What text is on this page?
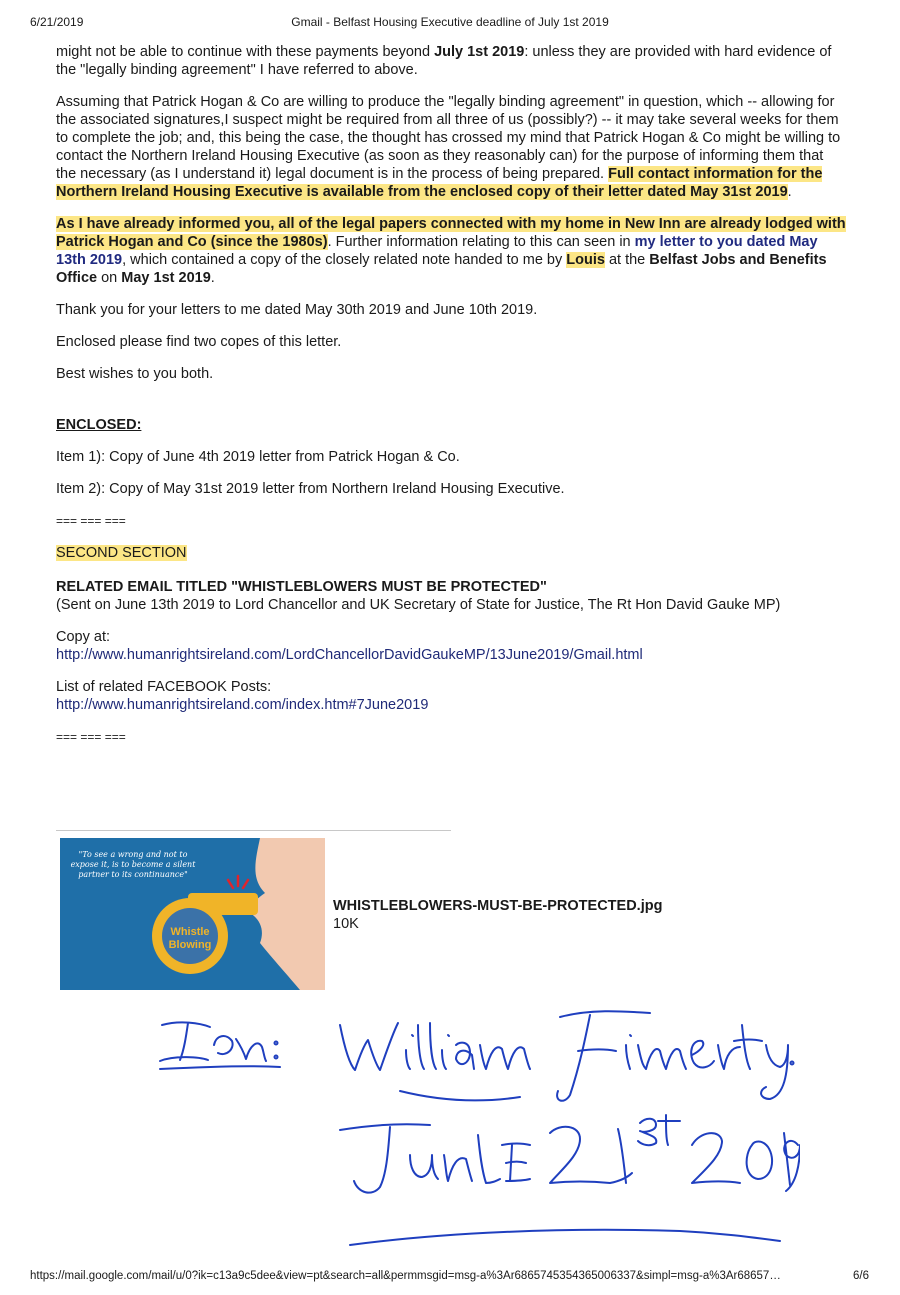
6/21/2019	Gmail - Belfast Housing Executive deadline of July 1st 2019

might not be able to continue with these payments beyond July 1st 2019: unless they are provided with hard evidence of the "legally binding agreement" I have referred to above.

Assuming that Patrick Hogan & Co are willing to produce the "legally binding agreement" in question, which -- allowing for the associated signatures,I suspect might be required from all three of us (possibly?) -- it may take several weeks for them to complete the job; and, this being the case, the thought has crossed my mind that Patrick Hogan & Co might be willing to contact the Northern Ireland Housing Executive (as soon as they reasonably can) for the purpose of informing them that the necessary (as I understand it) legal document is in the process of being prepared. Full contact information for the Northern Ireland Housing Executive is available from the enclosed copy of their letter dated May 31st 2019.

As I have already informed you, all of the legal papers connected with my home in New Inn are already lodged with Patrick Hogan and Co (since the 1980s). Further information relating to this can seen in my letter to you dated May 13th 2019, which contained a copy of the closely related note handed to me by Louis at the Belfast Jobs and Benefits Office on May 1st 2019.

Thank you for your letters to me dated May 30th 2019 and June 10th 2019.

Enclosed please find two copes of this letter.

Best wishes to you both.

ENCLOSED:

Item 1): Copy of June 4th 2019 letter from Patrick Hogan & Co.

Item 2): Copy of May 31st 2019 letter from Northern Ireland Housing Executive.

=== === ===

SECOND SECTION

RELATED EMAIL TITLED "WHISTLEBLOWERS MUST BE PROTECTED"

(Sent on June 13th 2019 to Lord Chancellor and UK Secretary of State for Justice, The Rt Hon David Gauke MP)

Copy at:

http://www.humanrightsireland.com/LordChancellorDavidGaukeMP/13June2019/Gmail.html

List of related FACEBOOK Posts:

http://www.humanrightsireland.com/index.htm#7June2019

=== === ===

Whistle
Blowing
"To see a wrong and not to expose it, is to become a silent partner to its continuance"
WHISTLEBLOWERS-MUST-BE-PROTECTED.jpg
10K
From:
https://mail.google.com/mail/u/0?ik=c13a9c5dee&view=pt&search=all&permmsgid=msg-a%3Ar6865745354365006337&simpl=msg-a%3Ar68657…	6/6
